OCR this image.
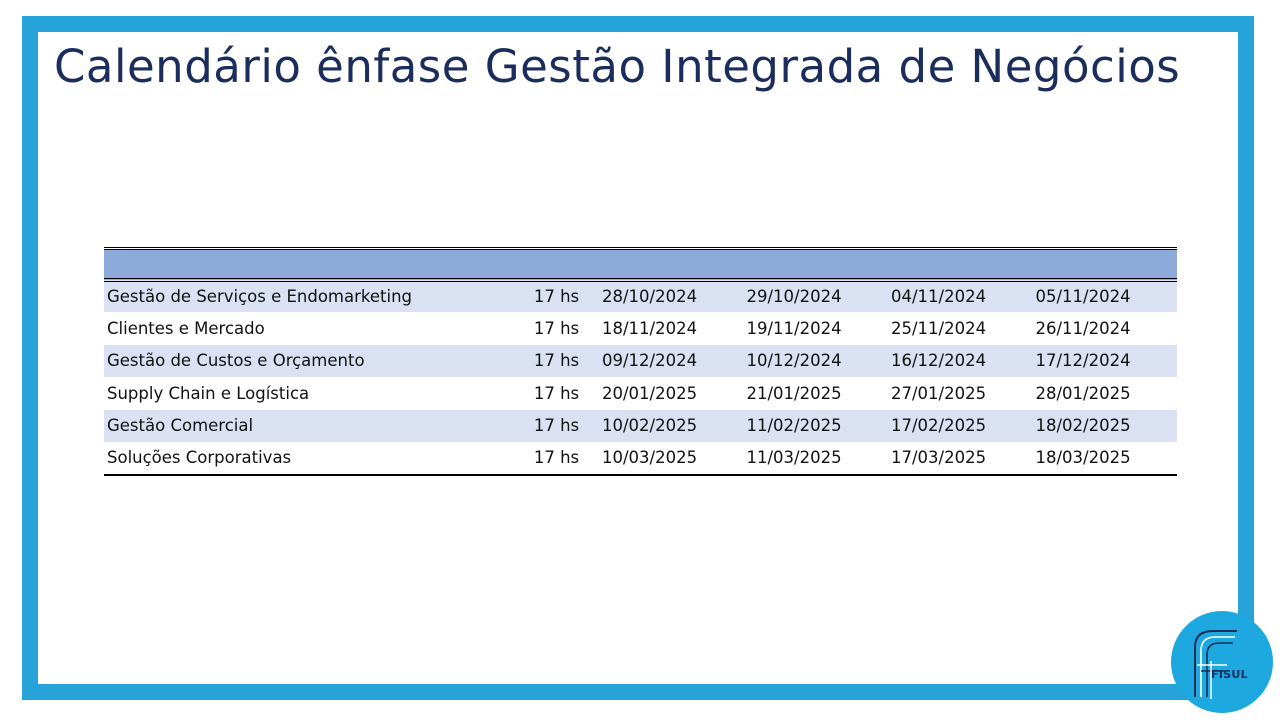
Calendário ênfase Gestão Integrada de Negócios

Gestão de Serviços e Endomarketing	17 hs	28/10/2024	29/10/2024	04/11/2024	05/11/2024
Clientes e Mercado	17 hs	18/11/2024	19/11/2024	25/11/2024	26/11/2024
Gestão de Custos e Orçamento	17 hs	09/12/2024	10/12/2024	16/12/2024	17/12/2024
Supply Chain e Logística	17 hs	20/01/2025	21/01/2025	27/01/2025	28/01/2025
Gestão Comercial	17 hs	10/02/2025	11/02/2025	17/02/2025	18/02/2025
Soluções Corporativas	17 hs	10/03/2025	11/03/2025	17/03/2025	18/03/2025
FISUL
